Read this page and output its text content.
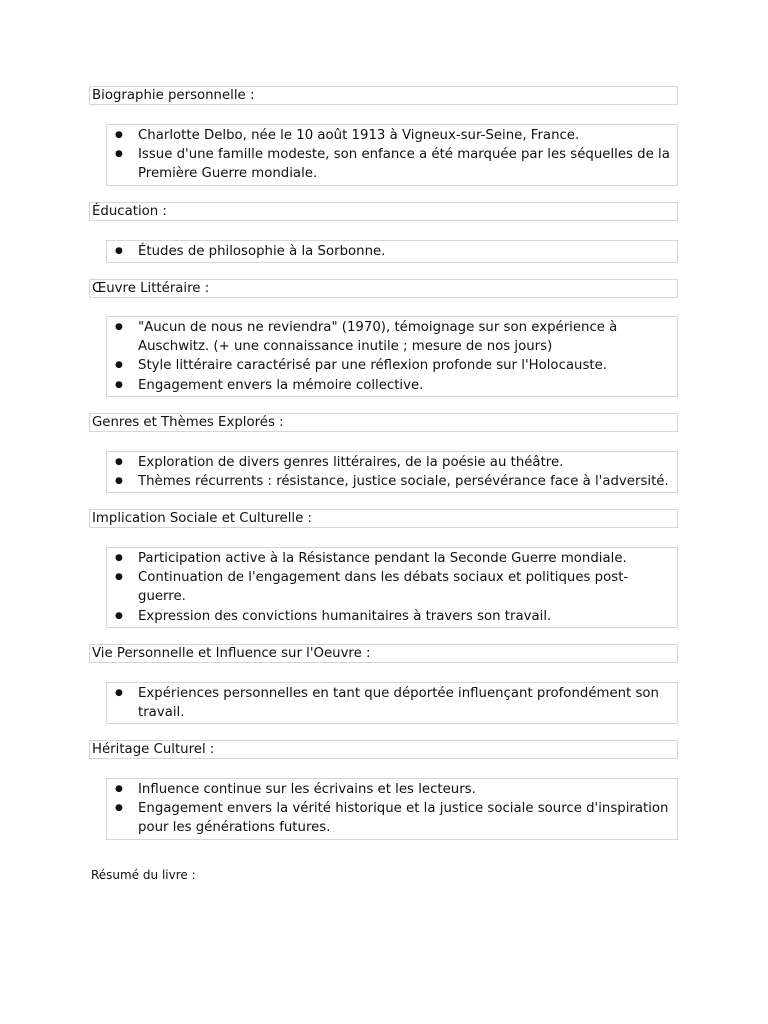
Biographie personnelle :
● Charlotte Delbo, née le 10 août 1913 à Vigneux-sur-Seine, France.
● Issue d'une famille modeste, son enfance a été marquée par les séquelles de la Première Guerre mondiale.
Éducation :
● Études de philosophie à la Sorbonne.
Œuvre Littéraire :
● "Aucun de nous ne reviendra" (1970), témoignage sur son expérience à Auschwitz. (+ une connaissance inutile ; mesure de nos jours)
● Style littéraire caractérisé par une réflexion profonde sur l'Holocauste.
● Engagement envers la mémoire collective.
Genres et Thèmes Explorés :
● Exploration de divers genres littéraires, de la poésie au théâtre.
● Thèmes récurrents : résistance, justice sociale, persévérance face à l'adversité.
Implication Sociale et Culturelle :
● Participation active à la Résistance pendant la Seconde Guerre mondiale.
● Continuation de l'engagement dans les débats sociaux et politiques post-guerre.
● Expression des convictions humanitaires à travers son travail.
Vie Personnelle et Influence sur l'Oeuvre :
● Expériences personnelles en tant que déportée influençant profondément son travail.
Héritage Culturel :
● Influence continue sur les écrivains et les lecteurs.
● Engagement envers la vérité historique et la justice sociale source d'inspiration pour les générations futures.
Résumé du livre :
